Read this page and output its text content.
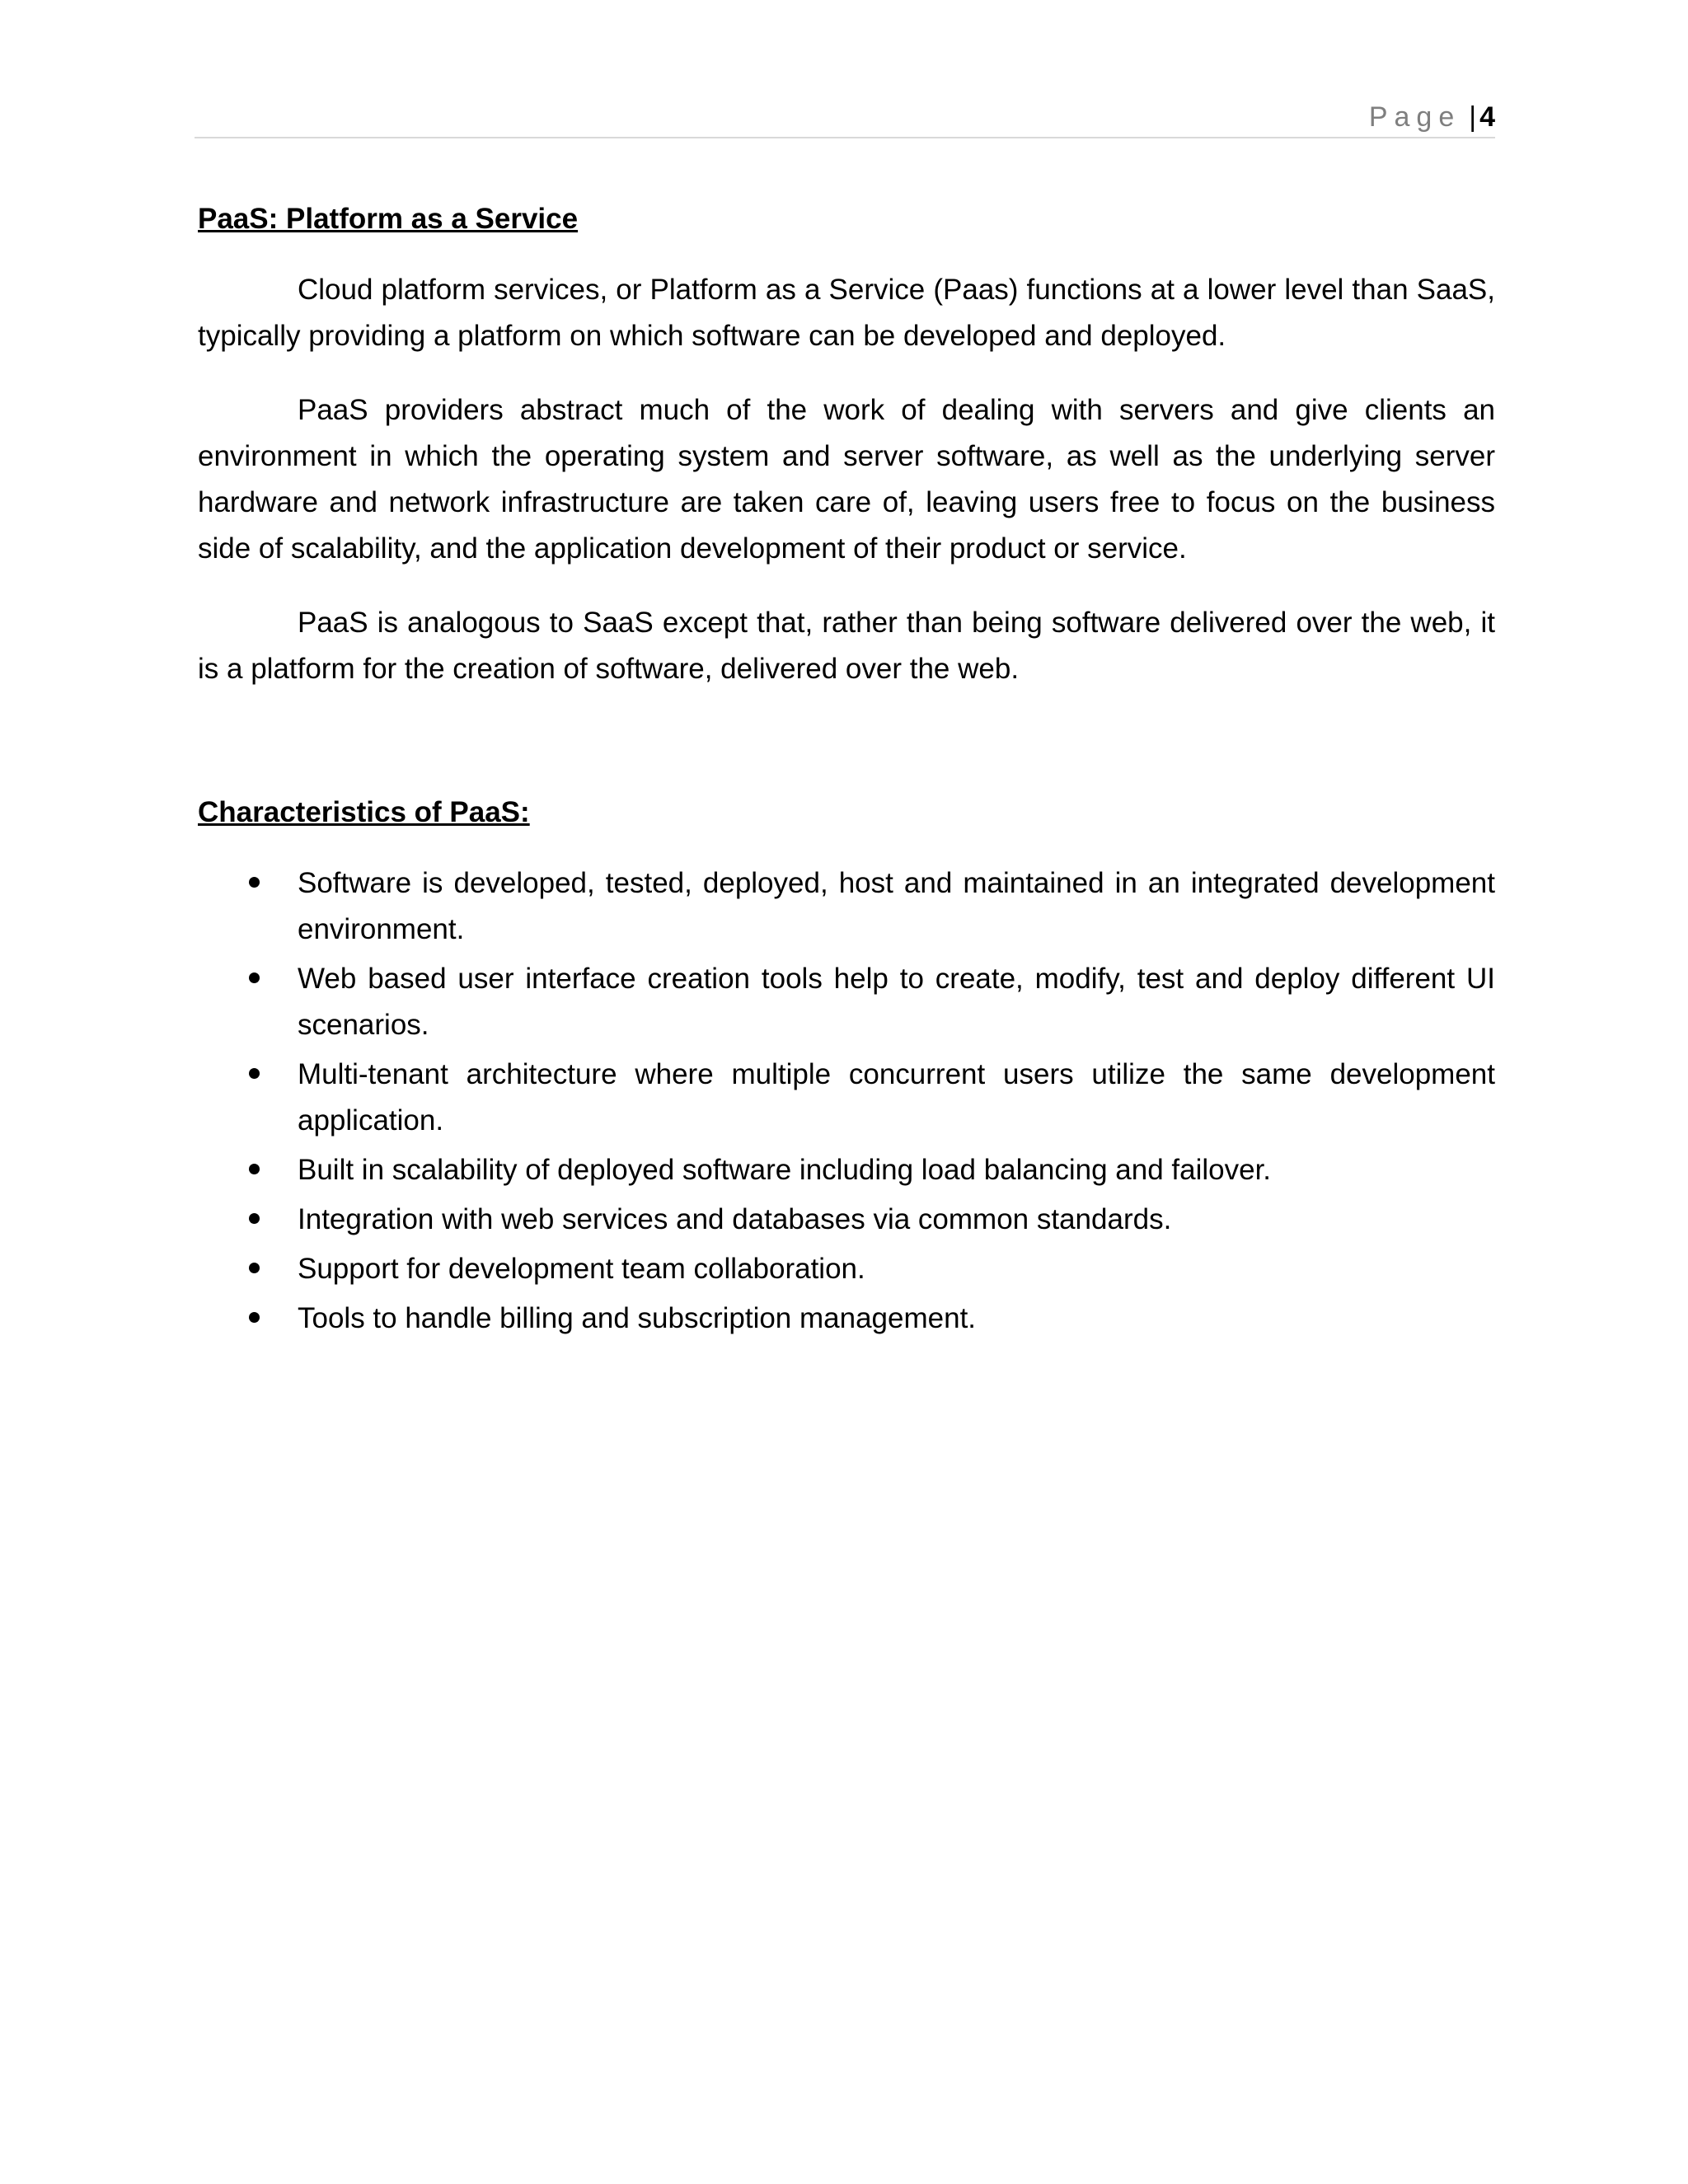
Page | 4
PaaS: Platform as a Service

Cloud platform services, or Platform as a Service (Paas) functions at a lower level than SaaS, typically providing a platform on which software can be developed and deployed.

PaaS providers abstract much of the work of dealing with servers and give clients an environment in which the operating system and server software, as well as the underlying server hardware and network infrastructure are taken care of, leaving users free to focus on the business side of scalability, and the application development of their product or service.

PaaS is analogous to SaaS except that, rather than being software delivered over the web, it is a platform for the creation of software, delivered over the web.

Characteristics of PaaS:
Software is developed, tested, deployed, host and maintained in an integrated development environment.
Web based user interface creation tools help to create, modify, test and deploy different UI scenarios.
Multi-tenant architecture where multiple concurrent users utilize the same development application.
Built in scalability of deployed software including load balancing and failover.
Integration with web services and databases via common standards.
Support for development team collaboration.
Tools to handle billing and subscription management.
